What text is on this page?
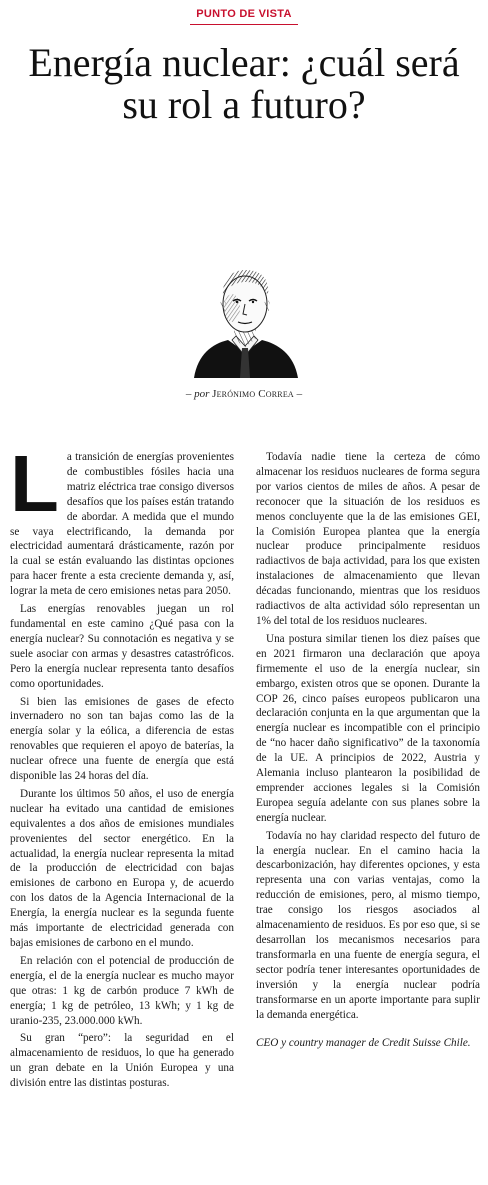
PUNTO DE VISTA
Energía nuclear: ¿cuál será su rol a futuro?
– por Jerónimo Correa –

La transición de energías provenientes de combustibles fósiles hacia una matriz eléctrica trae consigo diversos desafíos que los países están tratando de abordar. A medida que el mundo se vaya electrificando, la demanda por electricidad aumentará drásticamente, razón por la cual se están evaluando las distintas opciones para hacer frente a esta creciente demanda y, así, lograr la meta de cero emisiones netas para 2050.

Las energías renovables juegan un rol fundamental en este camino ¿Qué pasa con la energía nuclear? Su connotación es negativa y se suele asociar con armas y desastres catastróficos. Pero la energía nuclear representa tanto desafíos como oportunidades.

Si bien las emisiones de gases de efecto invernadero no son tan bajas como las de la energía solar y la eólica, a diferencia de estas renovables que requieren el apoyo de baterías, la nuclear ofrece una fuente de energía que está disponible las 24 horas del día.

Durante los últimos 50 años, el uso de energía nuclear ha evitado una cantidad de emisiones equivalentes a dos años de emisiones mundiales provenientes del sector energético. En la actualidad, la energía nuclear representa la mitad de la producción de electricidad con bajas emisiones de carbono en Europa y, de acuerdo con los datos de la Agencia Internacional de la Energía, la energía nuclear es la segunda fuente más importante de electricidad generada con bajas emisiones de carbono en el mundo.

En relación con el potencial de producción de energía, el de la energía nuclear es mucho mayor que otras: 1 kg de carbón produce 7 kWh de energía; 1 kg de petróleo, 13 kWh; y 1 kg de uranio-235, 23.000.000 kWh.

Su gran “pero”: la seguridad en el almacenamiento de residuos, lo que ha generado un gran debate en la Unión Europea y una división entre las distintas posturas.

Todavía nadie tiene la certeza de cómo almacenar los residuos nucleares de forma segura por varios cientos de miles de años. A pesar de reconocer que la situación de los residuos es menos concluyente que la de las emisiones GEI, la Comisión Europea plantea que la energía nuclear produce principalmente residuos radiactivos de baja actividad, para los que existen instalaciones de almacenamiento que llevan décadas funcionando, mientras que los residuos radiactivos de alta actividad sólo representan un 1% del total de los residuos nucleares.

Una postura similar tienen los diez países que en 2021 firmaron una declaración que apoya firmemente el uso de la energía nuclear, sin embargo, existen otros que se oponen. Durante la COP 26, cinco países europeos publicaron una declaración conjunta en la que argumentan que la energía nuclear es incompatible con el principio de “no hacer daño significativo” de la taxonomía de la UE. A principios de 2022, Austria y Alemania incluso plantearon la posibilidad de emprender acciones legales si la Comisión Europea seguía adelante con sus planes sobre la energía nuclear.

Todavía no hay claridad respecto del futuro de la energía nuclear. En el camino hacia la descarbonización, hay diferentes opciones, y esta representa una con varias ventajas, como la reducción de emisiones, pero, al mismo tiempo, trae consigo los riesgos asociados al almacenamiento de residuos. Es por eso que, si se desarrollan los mecanismos necesarios para transformarla en una fuente de energía segura, el sector podría tener interesantes oportunidades de inversión y la energía nuclear podría transformarse en un aporte importante para suplir la demanda energética.

CEO y country manager de Credit Suisse Chile.
